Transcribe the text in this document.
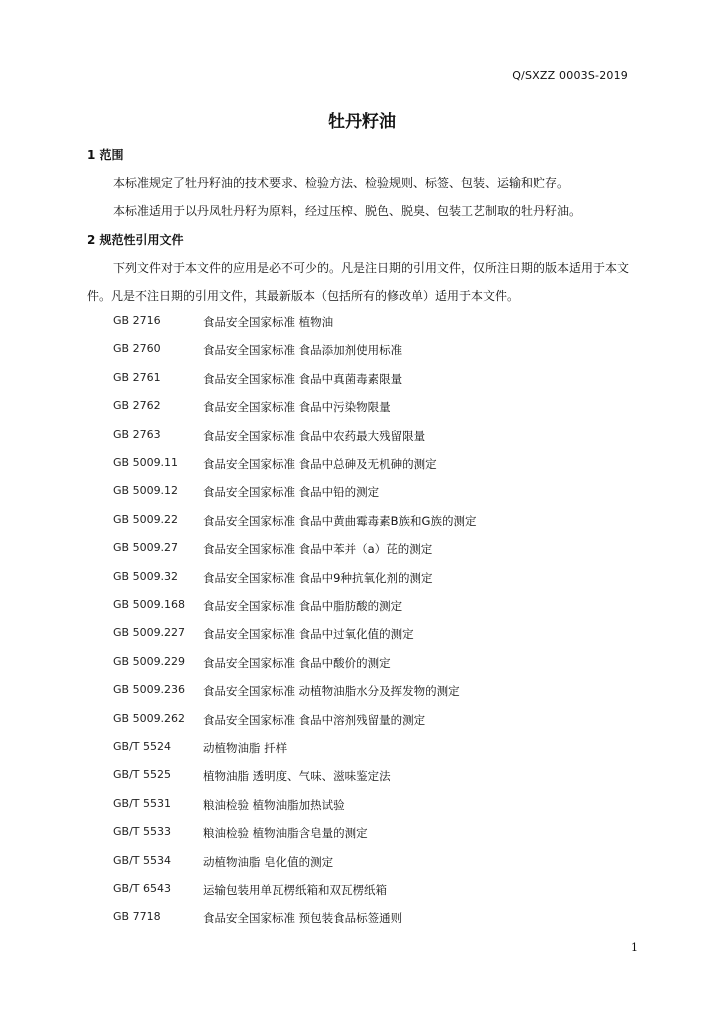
Q/SXZZ 0003S-2019
牡丹籽油
1 范围
本标准规定了牡丹籽油的技术要求、检验方法、检验规则、标签、包装、运输和贮存。
本标准适用于以丹凤牡丹籽为原料，经过压榨、脱色、脱臭、包装工艺制取的牡丹籽油。
2 规范性引用文件
下列文件对于本文件的应用是必不可少的。凡是注日期的引用文件，仅所注日期的版本适用于本文
件。凡是不注日期的引用文件，其最新版本（包括所有的修改单）适用于本文件。
GB 2716	食品安全国家标准 植物油
GB 2760	食品安全国家标准 食品添加剂使用标准
GB 2761	食品安全国家标准 食品中真菌毒素限量
GB 2762	食品安全国家标准 食品中污染物限量
GB 2763	食品安全国家标准 食品中农药最大残留限量
GB 5009.11 食品安全国家标准 食品中总砷及无机砷的测定
GB 5009.12 食品安全国家标准 食品中铅的测定
GB 5009.22 食品安全国家标准 食品中黄曲霉毒素B族和G族的测定
GB 5009.27 食品安全国家标准 食品中苯并（a）芘的测定
GB 5009.32 食品安全国家标准 食品中9种抗氧化剂的测定
GB 5009.168 食品安全国家标准 食品中脂肪酸的测定
GB 5009.227 食品安全国家标准 食品中过氧化值的测定
GB 5009.229 食品安全国家标准 食品中酸价的测定
GB 5009.236 食品安全国家标准 动植物油脂水分及挥发物的测定
GB 5009.262 食品安全国家标准 食品中溶剂残留量的测定
GB/T 5524	动植物油脂 扦样
GB/T 5525	植物油脂 透明度、气味、滋味鉴定法
GB/T 5531	粮油检验 植物油脂加热试验
GB/T 5533	粮油检验 植物油脂含皂量的测定
GB/T 5534	动植物油脂 皂化值的测定
GB/T 6543	运输包装用单瓦楞纸箱和双瓦楞纸箱
GB 7718	食品安全国家标准 预包装食品标签通则
1
